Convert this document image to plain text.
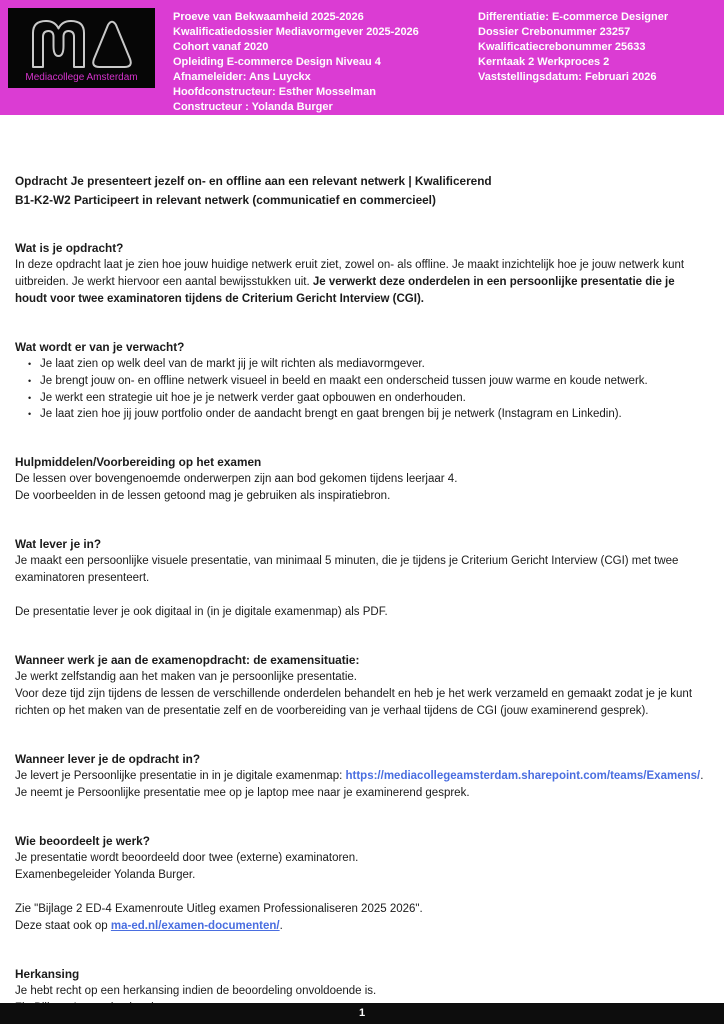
Mediacollege Amsterdam
Proeve van Bekwaamheid 2025-2026
Kwalificatiedossier Mediavormgever 2025-2026
Cohort vanaf 2020
Opleiding E-commerce Design Niveau 4
Afnameleider: Ans Luyckx
Hoofdconstructeur: Esther Mosselman
Constructeur : Yolanda Burger
Differentiatie: E-commerce Designer
Dossier Crebonummer 23257
Kwalificatiecrebonummer 25633
Kerntaak 2 Werkproces 2
Vaststellingsdatum: Februari 2026
Opdracht Je presenteert jezelf on- en offline aan een relevant netwerk | Kwalificerend
B1-K2-W2 Participeert in relevant netwerk (communicatief en commercieel)
Wat is je opdracht?
In deze opdracht laat je zien hoe jouw huidige netwerk eruit ziet, zowel on- als offline. Je maakt inzichtelijk hoe je jouw netwerk kunt uitbreiden. Je werkt hiervoor een aantal bewijsstukken uit. Je verwerkt deze onderdelen in een persoonlijke presentatie die je houdt voor twee examinatoren tijdens de Criterium Gericht Interview (CGI).
Wat wordt er van je verwacht?
• Je laat zien op welk deel van de markt jij je wilt richten als mediavormgever.
• Je brengt jouw on- en offline netwerk visueel in beeld en maakt een onderscheid tussen jouw warme en koude netwerk.
• Je werkt een strategie uit hoe je je netwerk verder gaat opbouwen en onderhouden.
• Je laat zien hoe jij jouw portfolio onder de aandacht brengt en gaat brengen bij je netwerk (Instagram en Linkedin).
Hulpmiddelen/Voorbereiding op het examen
De lessen over bovengenoemde onderwerpen zijn aan bod gekomen tijdens leerjaar 4.
De voorbeelden in de lessen getoond mag je gebruiken als inspiratiebron.
Wat lever je in?
Je maakt een persoonlijke visuele presentatie, van minimaal 5 minuten, die je tijdens je Criterium Gericht Interview (CGI) met twee examinatoren presenteert.
De presentatie lever je ook digitaal in (in je digitale examenmap) als PDF.
Wanneer werk je aan de examenopdracht: de examensituatie:
Je werkt zelfstandig aan het maken van je persoonlijke presentatie.
Voor deze tijd zijn tijdens de lessen de verschillende onderdelen behandelt en heb je het werk verzameld en gemaakt zodat je je kunt richten op het maken van de presentatie zelf en de voorbereiding van je verhaal tijdens de CGI (jouw examinerend gesprek).
Wanneer lever je de opdracht in?
Je levert je Persoonlijke presentatie in in je digitale examenmap: https://mediacollegeamsterdam.sharepoint.com/teams/Examens/.
Je neemt je Persoonlijke presentatie mee op je laptop mee naar je examinerend gesprek.
Wie beoordeelt je werk?
Je presentatie wordt beoordeeld door twee (externe) examinatoren.
Examenbegeleider Yolanda Burger.
Zie "Bijlage 2 ED-4 Examenroute Uitleg examen Professionaliseren 2025 2026".
Deze staat ook op ma-ed.nl/examen-documenten/.
Herkansing
Je hebt recht op een herkansing indien de beoordeling onvoldoende is.
1
